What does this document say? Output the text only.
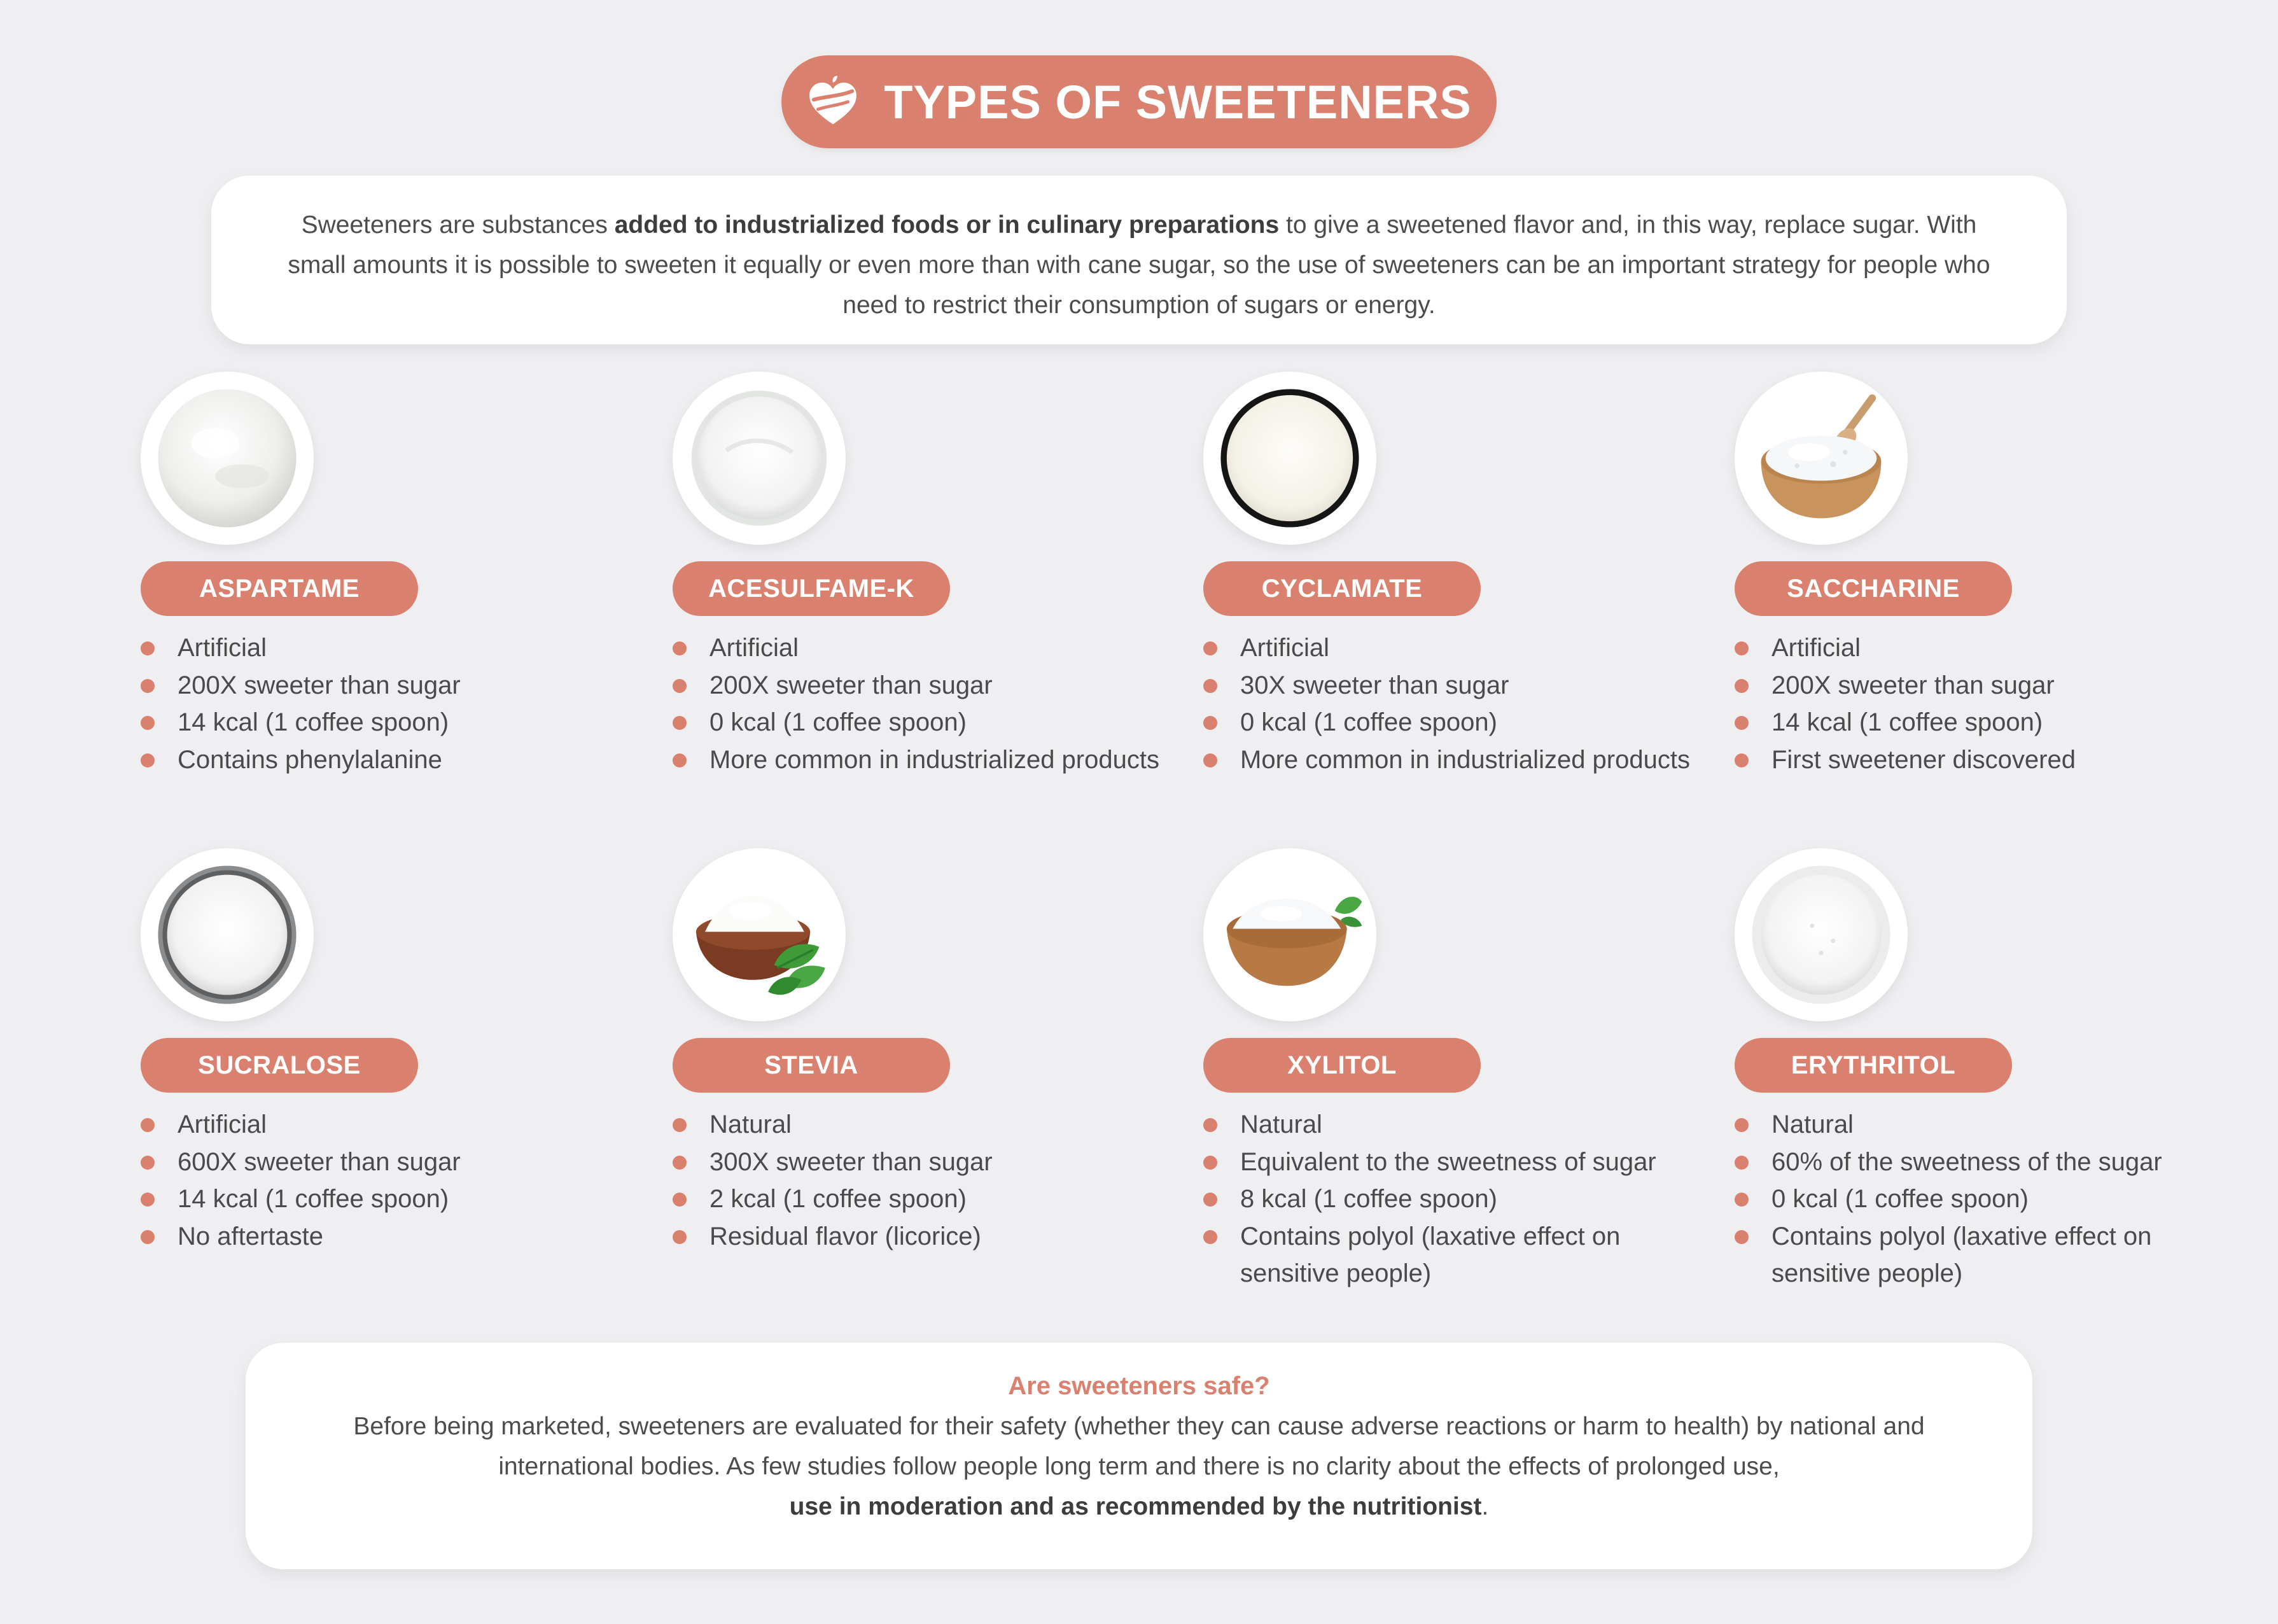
TYPES OF SWEETENERS
Sweeteners are substances added to industrialized foods or in culinary preparations to give a sweetened flavor and, in this way, replace sugar. With small amounts it is possible to sweeten it equally or even more than with cane sugar, so the use of sweeteners can be an important strategy for people who need to restrict their consumption of sugars or energy.
ASPARTAME
Artificial
200X sweeter than sugar
14 kcal (1 coffee spoon)
Contains phenylalanine
ACESULFAME-K
Artificial
200X sweeter than sugar
0 kcal (1 coffee spoon)
More common in industrialized products
CYCLAMATE
Artificial
30X sweeter than sugar
0 kcal (1 coffee spoon)
More common in industrialized products
SACCHARINE
Artificial
200X sweeter than sugar
14 kcal (1 coffee spoon)
First sweetener discovered
SUCRALOSE
Artificial
600X sweeter than sugar
14 kcal (1 coffee spoon)
No aftertaste
STEVIA
Natural
300X sweeter than sugar
2 kcal (1 coffee spoon)
Residual flavor (licorice)
XYLITOL
Natural
Equivalent to the sweetness of sugar
8 kcal (1 coffee spoon)
Contains polyol (laxative effect on sensitive people)
ERYTHRITOL
Natural
60% of the sweetness of the sugar
0 kcal (1 coffee spoon)
Contains polyol (laxative effect on sensitive people)
Are sweeteners safe?
Before being marketed, sweeteners are evaluated for their safety (whether they can cause adverse reactions or harm to health) by national and international bodies. As few studies follow people long term and there is no clarity about the effects of prolonged use,
use in moderation and as recommended by the nutritionist.
